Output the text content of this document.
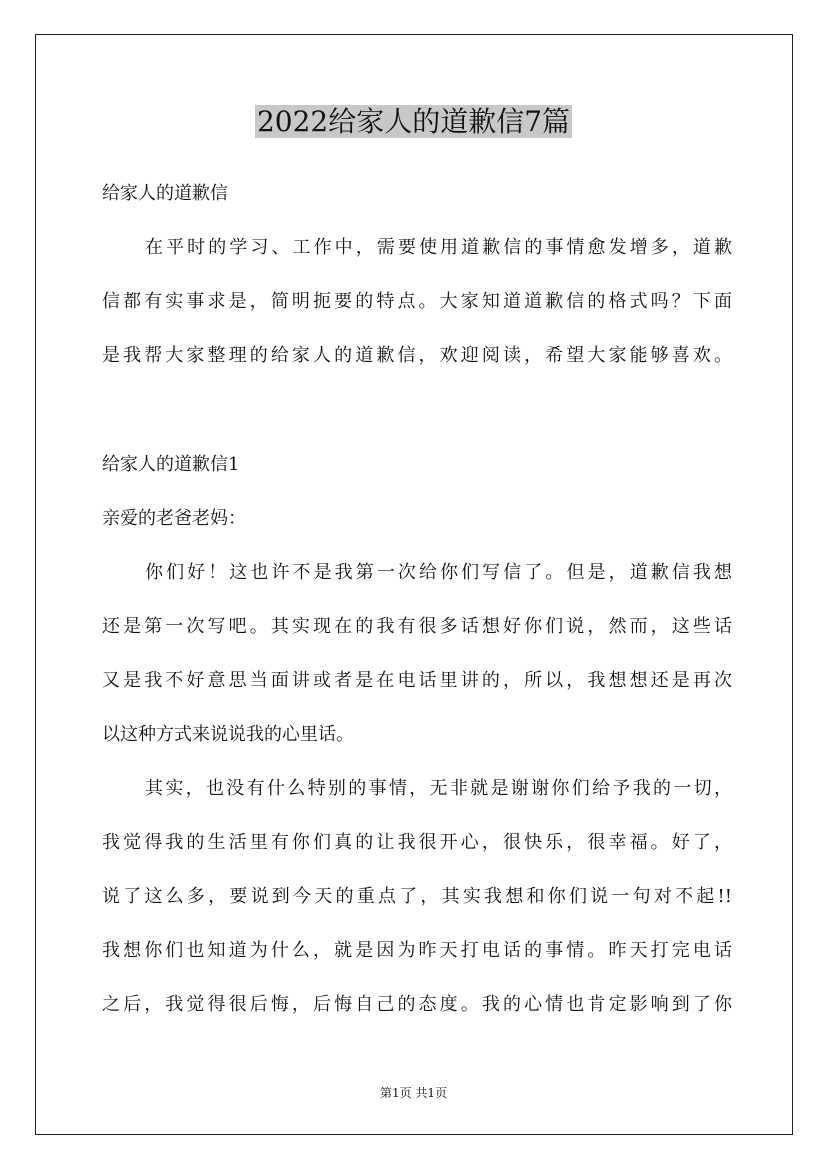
2022给家人的道歉信7篇
给家人的道歉信
在平时的学习、工作中，需要使用道歉信的事情愈发增多，道歉
信都有实事求是，简明扼要的特点。大家知道道歉信的格式吗？下面
是我帮大家整理的给家人的道歉信，欢迎阅读，希望大家能够喜欢。
给家人的道歉信1
亲爱的老爸老妈：
你们好！这也许不是我第一次给你们写信了。但是，道歉信我想
还是第一次写吧。其实现在的我有很多话想好你们说，然而，这些话
又是我不好意思当面讲或者是在电话里讲的，所以，我想想还是再次
以这种方式来说说我的心里话。
其实，也没有什么特别的事情，无非就是谢谢你们给予我的一切，
我觉得我的生活里有你们真的让我很开心，很快乐，很幸福。好了，
说了这么多，要说到今天的重点了，其实我想和你们说一句对不起!!
我想你们也知道为什么，就是因为昨天打电话的事情。昨天打完电话
之后，我觉得很后悔，后悔自己的态度。我的心情也肯定影响到了你
第1页 共1页
